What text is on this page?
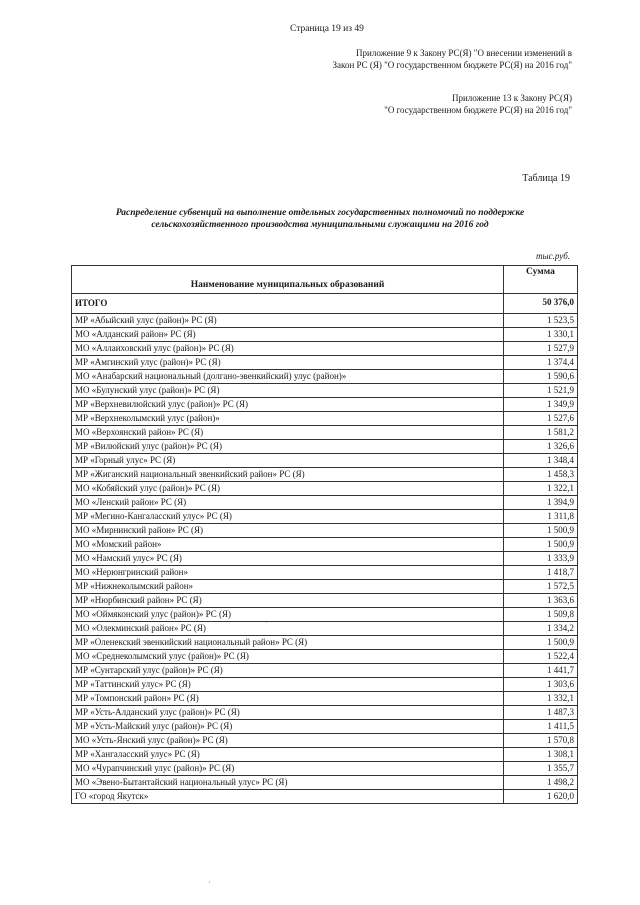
Страница 19 из 49
Приложение 9 к Закону РС(Я) "О внесении изменений в
Закон РС (Я) "О государственном бюджете РС(Я) на 2016 год"
Приложение 13 к Закону РС(Я)
"О государственном бюджете РС(Я) на 2016 год"
Таблица 19
Распределение субвенций на выполнение отдельных государственных полномочий по поддержке
сельскохозяйственного производства муниципальными служащими на 2016 год
тыс.руб.
Наименование муниципальных образований	Сумма
ИТОГО	50 376,0
МР «Абыйский улус (район)» РС (Я)	1 523,5
МО «Алданский район» РС (Я)	1 330,1
МО «Аллаиховский улус (район)» РС (Я)	1 527,9
МР «Амгинский улус (район)» РС (Я)	1 374,4
МО «Анабарский национальный (долгано-эвенкийский) улус (район)»	1 590,6
МО «Булунский улус (район)» РС (Я)	1 521,9
МР «Верхневилюйский улус (район)» РС (Я)	1 349,9
МР «Верхнеколымский улус (район)»	1 527,6
МО «Верхоянский район» РС (Я)	1 581,2
МР «Вилюйский улус (район)» РС (Я)	1 326,6
МР «Горный улус» РС (Я)	1 348,4
МР «Жиганский национальный эвенкийский район» РС (Я)	1 458,3
МО «Кобяйский улус (район)» РС (Я)	1 322,1
МО «Ленский район» РС (Я)	1 394,9
МР «Мегино-Кангаласский улус» РС (Я)	1 311,8
МО «Мирнинский район» РС (Я)	1 500,9
МО «Момский район»	1 500,9
МО «Намский улус» РС (Я)	1 333,9
МО «Нерюнгринский район»	1 418,7
МР «Нижнеколымский район»	1 572,5
МР «Нюрбинский район» РС (Я)	1 363,6
МО «Оймяконский улус (район)» РС (Я)	1 509,8
МО «Олекминский район» РС (Я)	1 334,2
МР «Оленекский эвенкийский национальный район» РС (Я)	1 500,9
МО «Среднеколымский улус (район)» РС (Я)	1 522,4
МР «Сунтарский улус (район)» РС (Я)	1 441,7
МР «Таттинский улус» РС (Я)	1 303,6
МР «Томпонский район» РС (Я)	1 332,1
МР «Усть-Алданский улус (район)» РС (Я)	1 487,3
МР «Усть-Майский улус (район)» РС (Я)	1 411,5
МО «Усть-Янский улус (район)» РС (Я)	1 570,8
МР «Хангаласский улус» РС (Я)	1 308,1
МО «Чурапчинский улус (район)» РС (Я)	1 355,7
МО «Эвено-Бытантайский национальный улус» РС (Я)	1 498,2
ГО «город Якутск»	1 620,0
·
·
